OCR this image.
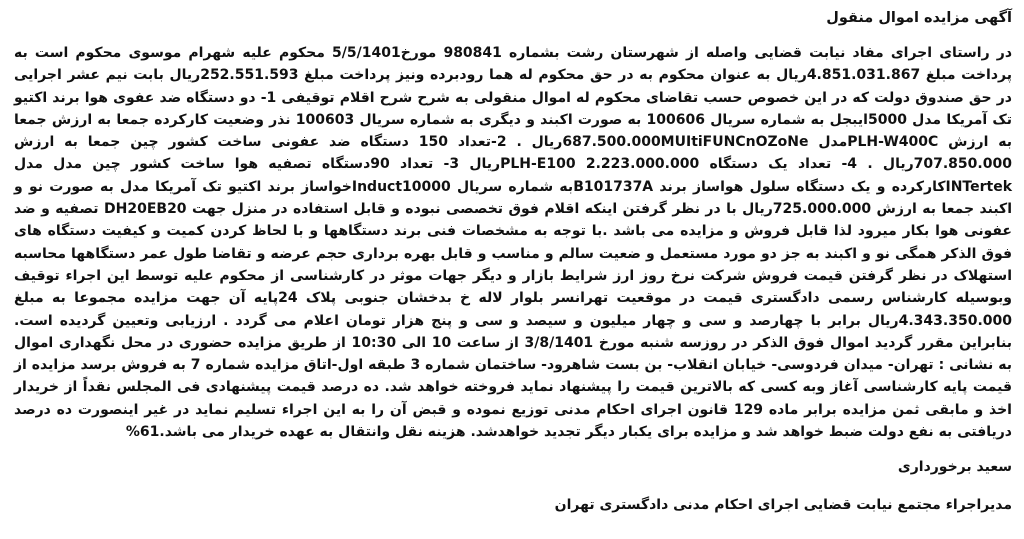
آگهی مزایده اموال منقول

در راستای اجرای مفاد نیابت قضایی واصله از شهرستان رشت بشماره 980841 مورخ5/5/1401 محکوم علیه شهرام موسوی محکوم است به پرداخت مبلغ 4.851.031.867ریال به عنوان محکوم به در حق محکوم له هما رودبرده ونیز پرداخت مبلغ 252.551.593ریال بابت نیم عشر اجرایی در حق صندوق دولت که در این خصوص حسب تقاضای محکوم له اموال منقولی به شرح شرح اقلام توقیفی 1- دو دستگاه ضد عفوی هوا برند اکتیو تک آمریکا مدل 5000ایبجل به شماره سریال 100606 به صورت اکبند و دیگری به شماره سریال 100603 نذر وضعیت کارکرده جمعا به ارزش جمعا به ارزش PLH-W400Cمدل 687.500.000MUItiFUNCnOZoNeریال . 2-تعداد 150 دستگاه ضد عفونی ساخت کشور چین جمعا به ارزش 707.850.000ریال . 4- تعداد یک دستگاه PLH-E100 2.223.000.000ریال 3- تعداد 90دستگاه تصفیه هوا ساخت کشور چین مدل مدل INTertekکارکرده و یک دستگاه سلول هواساز برند B101737Aبه شماره سریال Induct10000خواساز برند اکتیو تک آمریکا مدل به صورت نو و اکبند جمعا به ارزش 725.000.000ریال با در نظر گرفتن اینکه اقلام فوق تخصصی نبوده و قابل استفاده در منزل جهت DH20EB20 تصفیه و ضد عفونی هوا بکار میرود لذا قابل فروش و مزایده می باشد .با توجه به مشخصات فنی برند دستگاهها و با لحاظ کردن کمیت و کیفیت دستگاه های فوق الذکر همگی نو و اکبند به جز دو مورد مستعمل و ضعیت سالم و مناسب و قابل بهره برداری حجم عرضه و تقاضا طول عمر دستگاهها محاسبه استهلاک در نظر گرفتن قیمت فروش شرکت نرخ روز ارز شرایط بازار و دیگر جهات موثر در کارشناسی از محکوم علیه توسط این اجراء توقیف وبوسیله کارشناس رسمی دادگستری قیمت در موقعیت تهرانسر بلوار لاله خ بدخشان جنوبی پلاک 24پایه آن جهت مزایده مجموعا به مبلغ 4.343.350.000ریال برابر با چهارصد و سی و چهار میلیون و سیصد و سی و پنج هزار تومان اعلام می گردد . ارزیابی وتعیین گردیده است. بنابراین مقرر گردید اموال فوق الذکر در روزسه شنبه مورخ 3/8/1401 از ساعت 10 الی 10:30 از طریق مزایده حضوری در محل نگهداری اموال به نشانی : تهران- میدان فردوسی- خیابان انقلاب- بن بست شاهرود- ساختمان شماره 3 طبقه اول-اتاق مزایده شماره 7 به فروش برسد مزایده از قیمت پایه کارشناسی آغاز وبه کسی که بالاترین قیمت را پیشنهاد نماید فروخته خواهد شد. ده درصد قیمت پیشنهادی فی المجلس نقداً از خریدار اخذ و مابقی ثمن مزایده برابر ماده 129 قانون اجرای احکام مدنی توزیع نموده و قبض آن را به این اجراء تسلیم نماید در غیر اینصورت ده درصد دریافتی به نفع دولت ضبط خواهد شد و مزایده برای یکبار دیگر تجدید خواهدشد. هزینه نقل وانتقال به عهده خریدار می باشد.61%

سعید برخورداری
مدیراجراء مجتمع نیابت قضایی اجرای احکام مدنی دادگستری تهران
